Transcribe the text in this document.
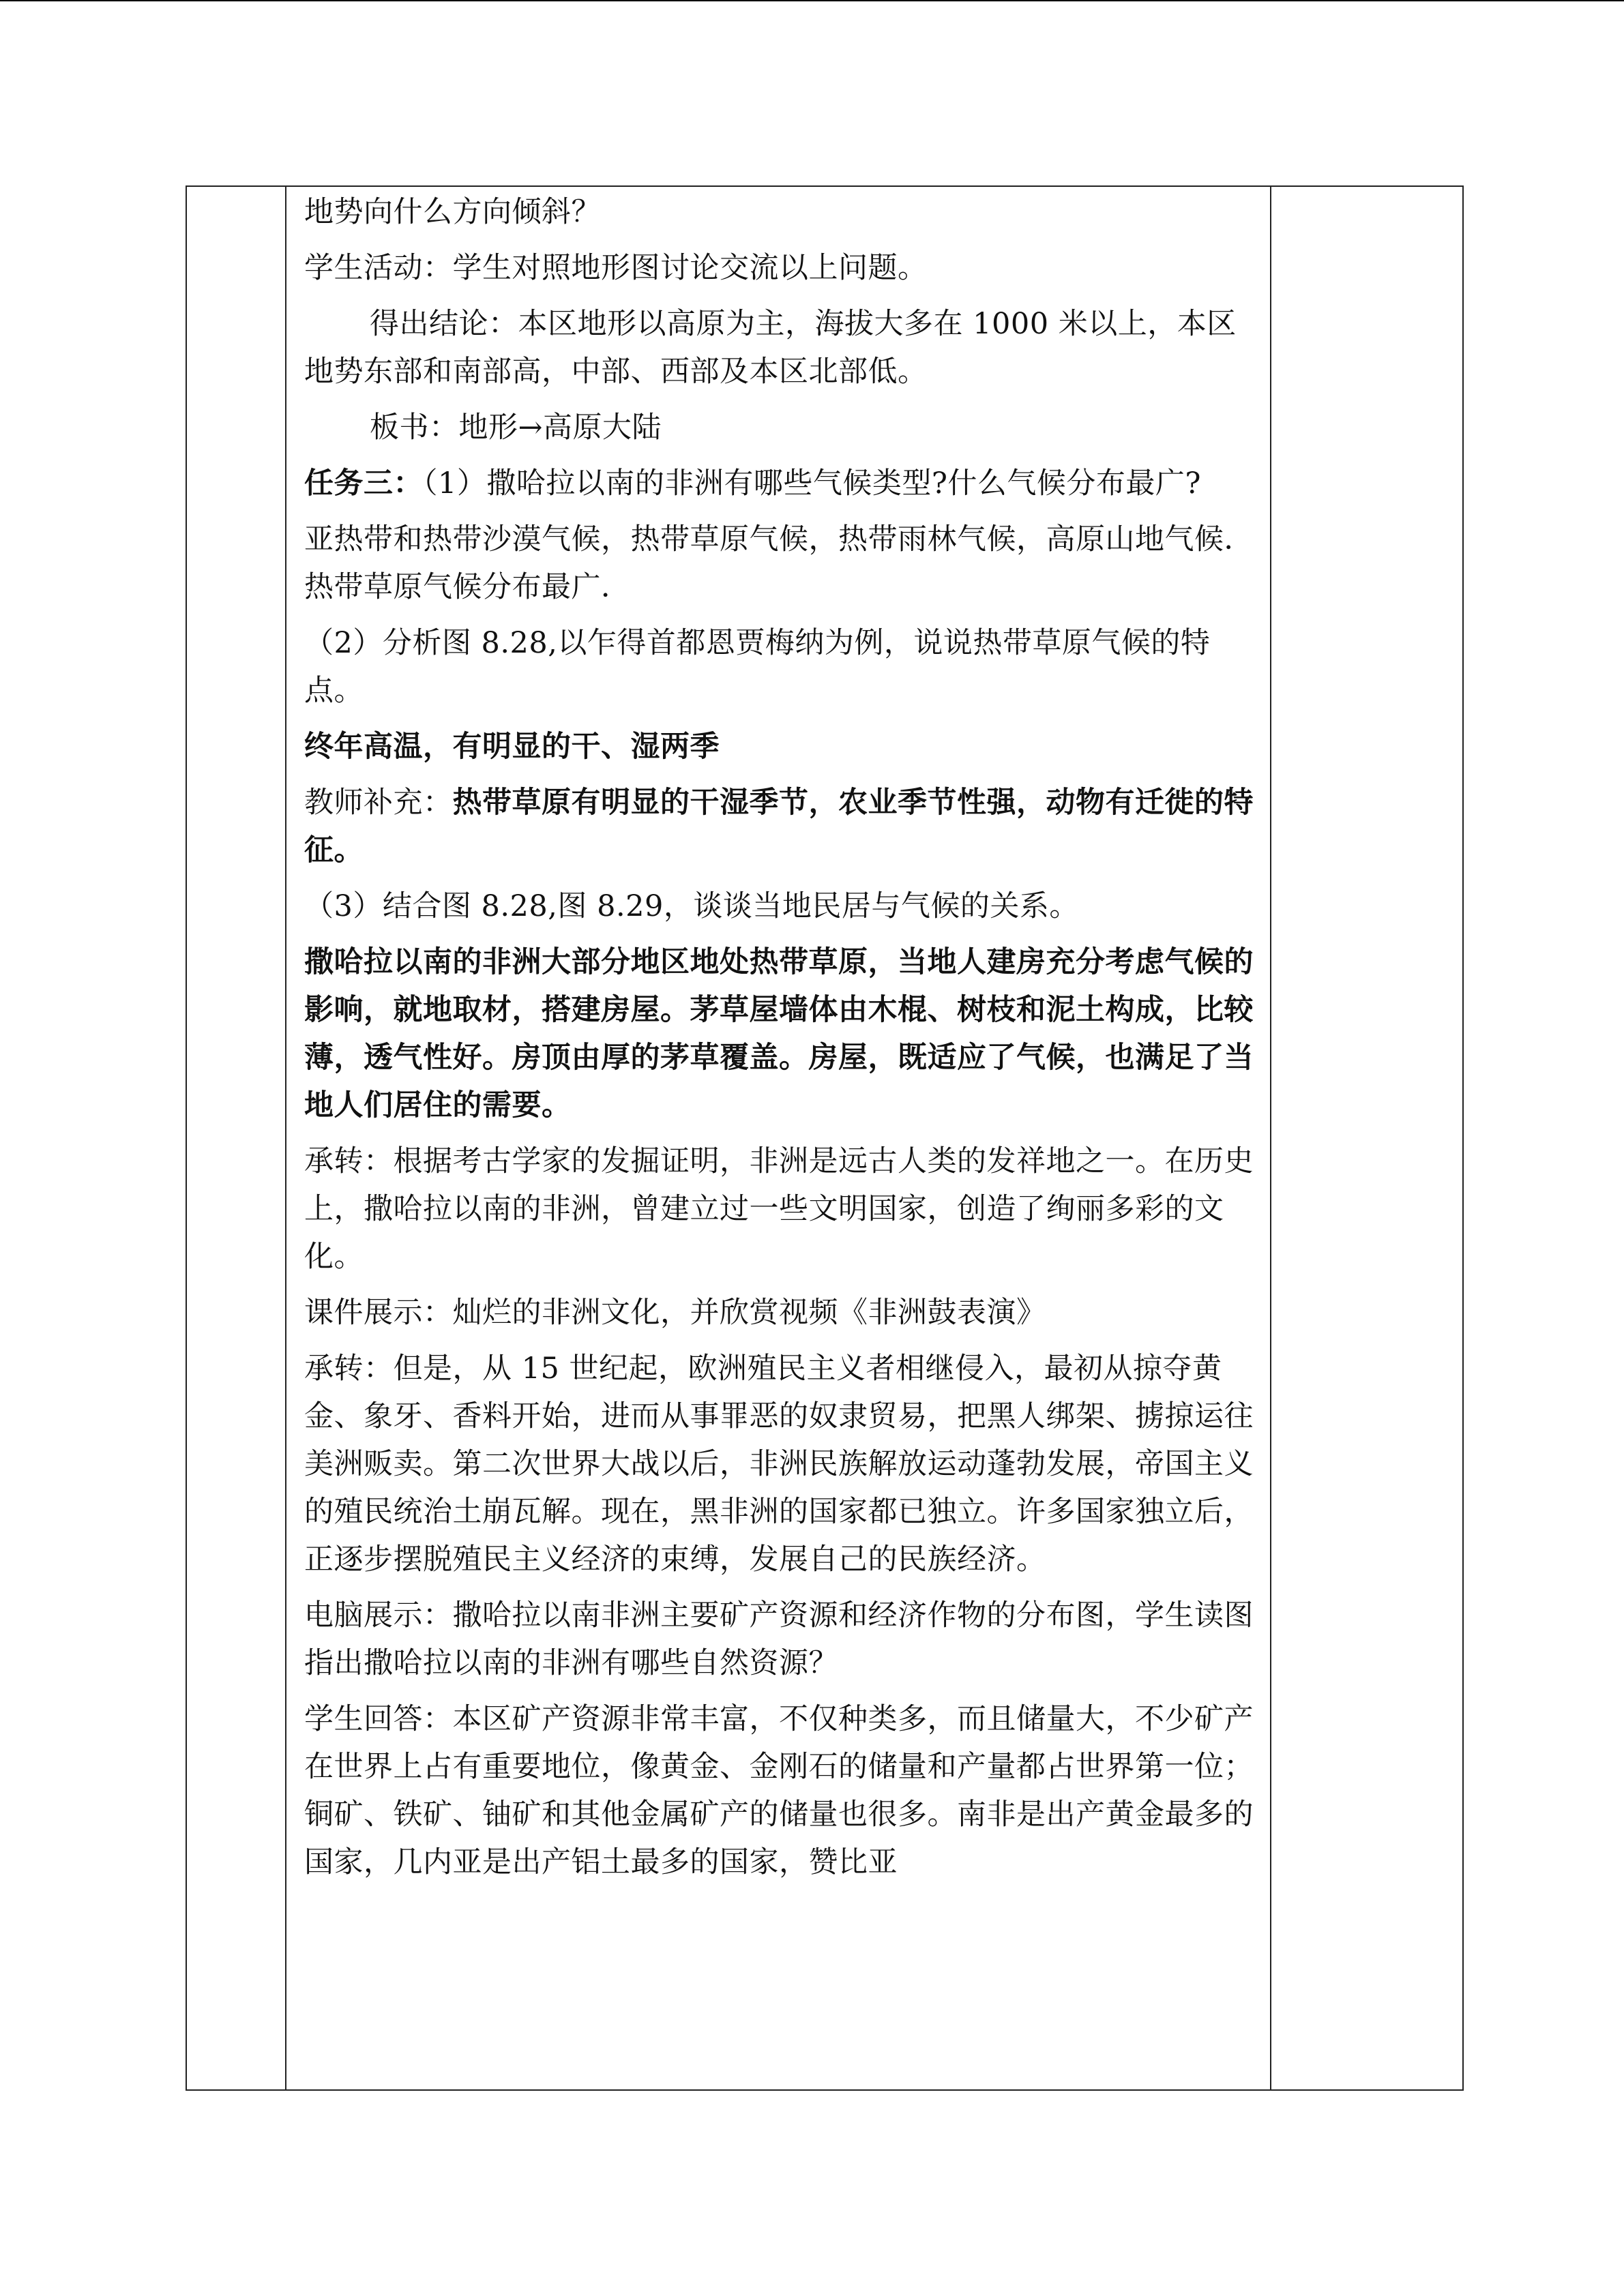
地势向什么方向倾斜？

学生活动：学生对照地形图讨论交流以上问题。

得出结论：本区地形以高原为主，海拔大多在 1000 米以上，本区地势东部和南部高，中部、西部及本区北部低。

板书：地形→高原大陆

任务三：（1）撒哈拉以南的非洲有哪些气候类型?什么气候分布最广?

亚热带和热带沙漠气候，热带草原气候，热带雨林气候，高原山地气候．热带草原气候分布最广．

（2）分析图 8.28,以乍得首都恩贾梅纳为例，说说热带草原气候的特点。

终年高温，有明显的干、湿两季

教师补充：热带草原有明显的干湿季节，农业季节性强，动物有迁徙的特征。

（3）结合图 8.28,图 8.29，谈谈当地民居与气候的关系。

撒哈拉以南的非洲大部分地区地处热带草原，当地人建房充分考虑气候的影响，就地取材，搭建房屋。茅草屋墙体由木棍、树枝和泥土构成，比较薄，透气性好。房顶由厚的茅草覆盖。房屋，既适应了气候，也满足了当地人们居住的需要。

承转：根据考古学家的发掘证明，非洲是远古人类的发祥地之一。在历史上，撒哈拉以南的非洲，曾建立过一些文明国家，创造了绚丽多彩的文化。

课件展示：灿烂的非洲文化，并欣赏视频《非洲鼓表演》

承转：但是，从 15 世纪起，欧洲殖民主义者相继侵入，最初从掠夺黄金、象牙、香料开始，进而从事罪恶的奴隶贸易，把黑人绑架、掳掠运往美洲贩卖。第二次世界大战以后，非洲民族解放运动蓬勃发展，帝国主义的殖民统治土崩瓦解。现在，黑非洲的国家都已独立。许多国家独立后，正逐步摆脱殖民主义经济的束缚，发展自己的民族经济。

电脑展示：撒哈拉以南非洲主要矿产资源和经济作物的分布图，学生读图指出撒哈拉以南的非洲有哪些自然资源？

学生回答：本区矿产资源非常丰富，不仅种类多，而且储量大，不少矿产在世界上占有重要地位，像黄金、金刚石的储量和产量都占世界第一位；铜矿、铁矿、铀矿和其他金属矿产的储量也很多。南非是出产黄金最多的国家，几内亚是出产铝土最多的国家，赞比亚
